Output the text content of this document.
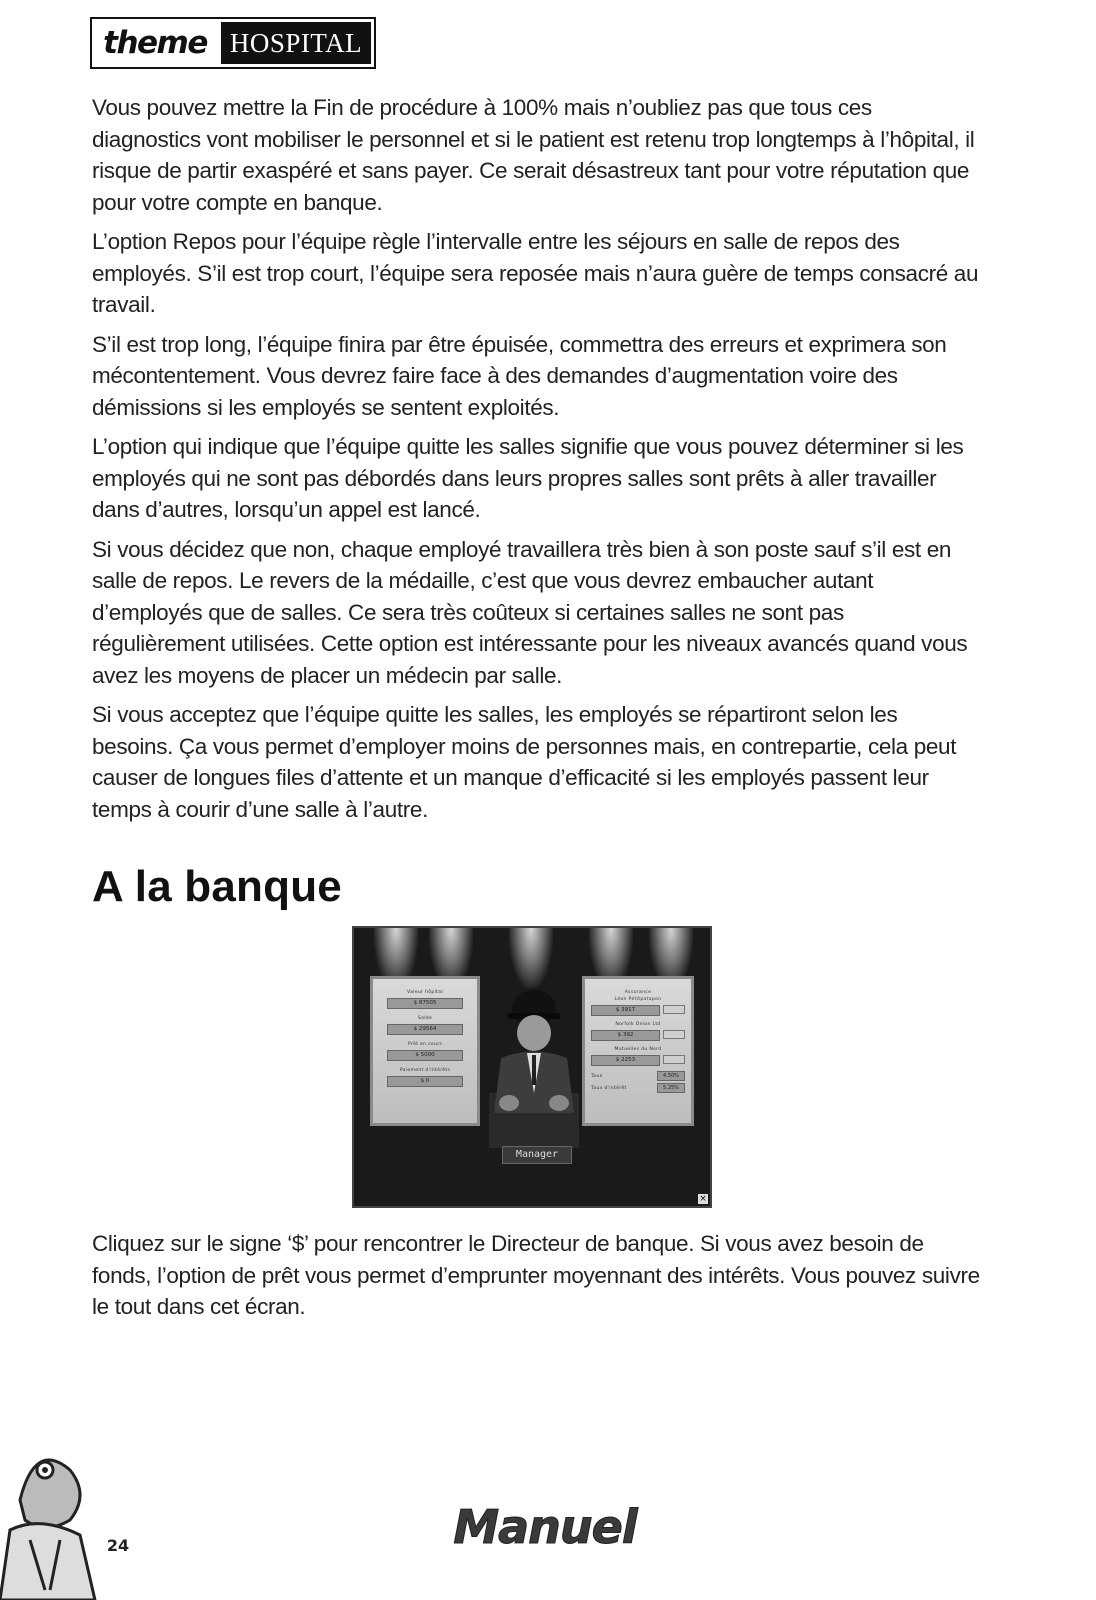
theme HOSPITAL

Vous pouvez mettre la Fin de procédure à 100% mais n’oubliez pas que tous ces diagnostics vont mobiliser le personnel et si le patient est retenu trop longtemps à l’hôpital, il risque de partir exaspéré et sans payer. Ce serait désastreux tant pour votre réputation que pour votre compte en banque.

L’option Repos pour l’équipe règle l’intervalle entre les séjours en salle de repos des employés. S’il est trop court, l’équipe sera reposée mais n’aura guère de temps consacré au travail.

S’il est trop long, l’équipe finira par être épuisée, commettra des erreurs et exprimera son mécontentement. Vous devrez faire face à des demandes d’augmentation voire des démissions si les employés se sentent exploités.

L’option qui indique que l’équipe quitte les salles signifie que vous pouvez déterminer si les employés qui ne sont pas débordés dans leurs propres salles sont prêts à aller travailler dans d’autres, lorsqu’un appel est lancé.

Si vous décidez que non, chaque employé travaillera très bien à son poste sauf s’il est en salle de repos. Le revers de la médaille, c’est que vous devrez embaucher autant d’employés que de salles. Ce sera très coûteux si certaines salles ne sont pas régulièrement utilisées. Cette option est intéressante pour les niveaux avancés quand vous avez les moyens de placer un médecin par salle.

Si vous acceptez que l’équipe quitte les salles, les employés se répartiront selon les besoins. Ça vous permet d’employer moins de personnes mais, en contrepartie, cela peut causer de longues files d’attente et un manque d’efficacité si les employés passent leur temps à courir d’une salle à l’autre.

A la banque
Valeur hôpital
$ 87505
Solde
$ 29564
Prêt en cours
$ 5000
Paiement d'intérêts
$ 0
Manager
Assurance
Léon Pétitpatapon
$ 3917
Norfolk Onion Ltd
$ 392
Mutuelles du Nord
$ 2253
Taux	4.50%
Taux d'intérêt	5.25%
×

Cliquez sur le signe ‘$’ pour rencontrer le Directeur de banque. Si vous avez besoin de fonds, l’option de prêt vous permet d’emprunter moyennant des intérêts. Vous pouvez suivre le tout dans cet écran.

24	Manuel
